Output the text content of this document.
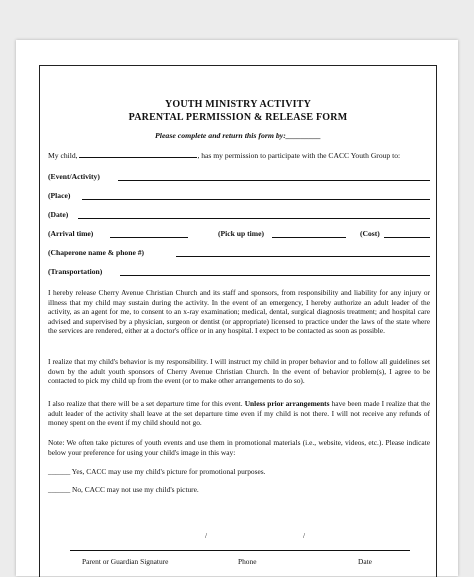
YOUTH MINISTRY ACTIVITY
PARENTAL PERMISSION & RELEASE FORM
Please complete and return this form by:_________
My child,	, has my permission to participate with the CACC Youth Group to:
(Event/Activity)
(Place)
(Date)
(Arrival time)	(Pick up time)	(Cost)
(Chaperone name & phone #)
(Transportation)
I hereby release Cherry Avenue Christian Church and its staff and sponsors, from responsibility and liability for any injury or illness that my child may sustain during the activity. In the event of an emergency, I hereby authorize an adult leader of the activity, as an agent for me, to consent to an x-ray examination; medical, dental, surgical diagnosis treatment; and hospital care advised and supervised by a physician, surgeon or dentist (or appropriate) licensed to practice under the laws of the state where the services are rendered, either at a doctor's office or in any hospital. I expect to be contacted as soon as possible.
I realize that my child's behavior is my responsibility. I will instruct my child in proper behavior and to follow all guidelines set down by the adult youth sponsors of Cherry Avenue Christian Church. In the event of behavior problem(s), I agree to be contacted to pick my child up from the event (or to make other arrangements to do so).
I also realize that there will be a set departure time for this event. Unless prior arrangements have been made I realize that the adult leader of the activity shall leave at the set departure time even if my child is not there. I will not receive any refunds of money spent on the event if my child should not go.
Note: We often take pictures of youth events and use them in promotional materials (i.e., website, videos, etc.). Please indicate below your preference for using your child's image in this way:
______ Yes, CACC may use my child's picture for promotional purposes.
______ No, CACC may not use my child's picture.
/	/
Parent or Guardian Signature	Phone	Date
